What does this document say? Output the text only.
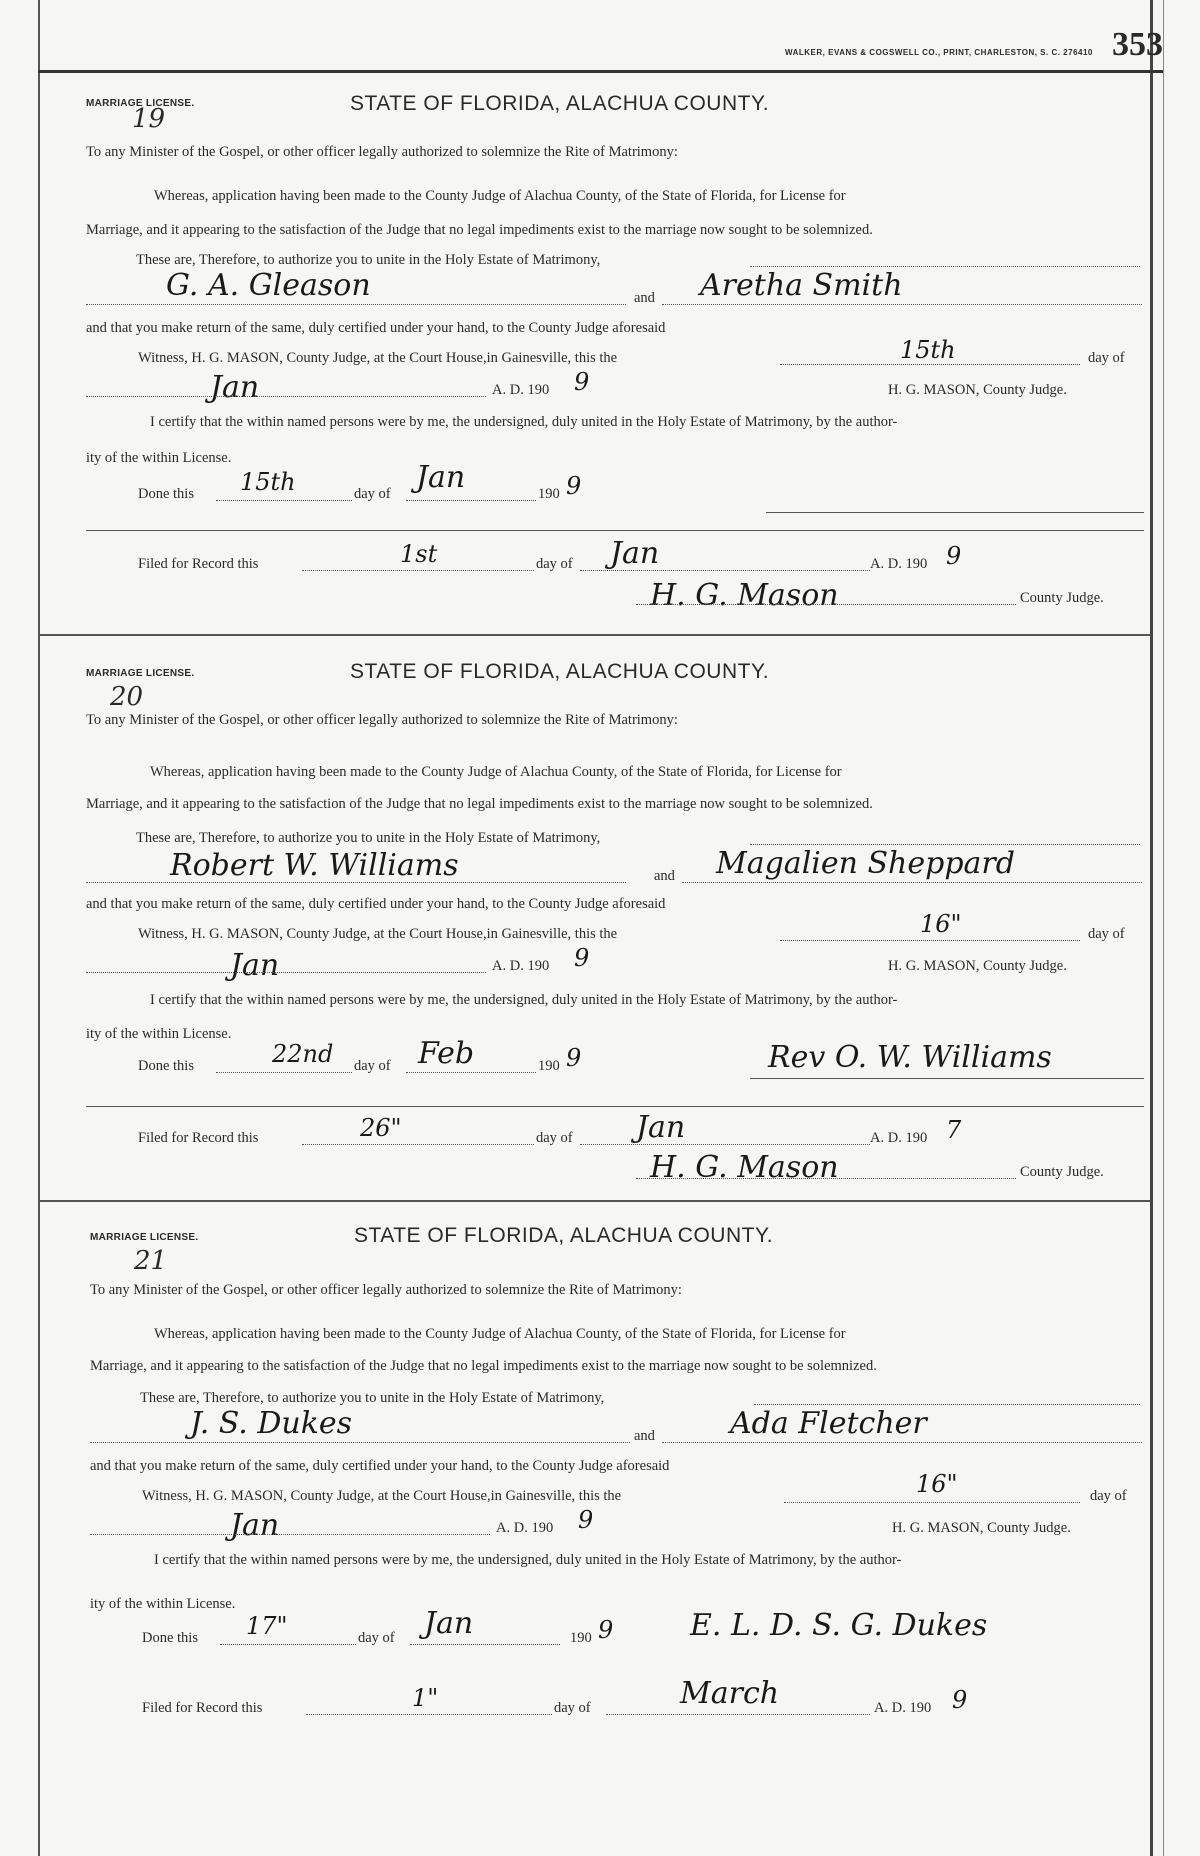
WALKER, EVANS & COGSWELL CO., PRINT, CHARLESTON, S. C. 276410 353
MARRIAGE LICENSE.
19
STATE OF FLORIDA, ALACHUA COUNTY.
To any Minister of the Gospel, or other officer legally authorized to solemnize the Rite of Matrimony:
Whereas, application having been made to the County Judge of Alachua County, of the State of Florida, for License for
Marriage, and it appearing to the satisfaction of the Judge that no legal impediments exist to the marriage now sought to be solemnized.
These are, Therefore, to authorize you to unite in the Holy Estate of Matrimony,
G. A. Gleason	and Aretha Smith
and that you make return of the same, duly certified under your hand, to the County Judge aforesaid
Witness, H. G. MASON, County Judge, at the Court House,in Gainesville, this the	15th	day of
Jan	A. D. 190 9	H. G. MASON, County Judge.
I certify that the within named persons were by me, the undersigned, duly united in the Holy Estate of Matrimony, by the author-
ity of the within License.
Done this 15th	day of Jan	190 9
Filed for Record this	1st	day of Jan	A. D. 190 9
H. G. Mason	County Judge.
MARRIAGE LICENSE.
20
STATE OF FLORIDA, ALACHUA COUNTY.
To any Minister of the Gospel, or other officer legally authorized to solemnize the Rite of Matrimony:
Whereas, application having been made to the County Judge of Alachua County, of the State of Florida, for License for
Marriage, and it appearing to the satisfaction of the Judge that no legal impediments exist to the marriage now sought to be solemnized.
These are, Therefore, to authorize you to unite in the Holy Estate of Matrimony,
Robert W. Williams	and Magalien Sheppard
and that you make return of the same, duly certified under your hand, to the County Judge aforesaid
Witness, H. G. MASON, County Judge, at the Court House,in Gainesville, this the	16"	day of
Jan	A. D. 190 9	H. G. MASON, County Judge.
I certify that the within named persons were by me, the undersigned, duly united in the Holy Estate of Matrimony, by the author-
ity of the within License.
Done this	22nd day of Feb	190 9	Rev O. W. Williams
Filed for Record this	26"	day of Jan	A. D. 190 7
H. G. Mason	County Judge.
MARRIAGE LICENSE.
21
STATE OF FLORIDA, ALACHUA COUNTY.
To any Minister of the Gospel, or other officer legally authorized to solemnize the Rite of Matrimony:
Whereas, application having been made to the County Judge of Alachua County, of the State of Florida, for License for
Marriage, and it appearing to the satisfaction of the Judge that no legal impediments exist to the marriage now sought to be solemnized.
These are, Therefore, to authorize you to unite in the Holy Estate of Matrimony,
J. S. Dukes	and	Ada Fletcher
and that you make return of the same, duly certified under your hand, to the County Judge aforesaid
Witness, H. G. MASON, County Judge, at the Court House,in Gainesville, this the	16"	day of
Jan	A. D. 190 9	H. G. MASON, County Judge.
I certify that the within named persons were by me, the undersigned, duly united in the Holy Estate of Matrimony, by the author-
ity of the within License.
Done this 17"	day of Jan	190 9	E. L. D. S. G. Dukes
Filed for Record this	1"	day of	March	A. D. 190 9
